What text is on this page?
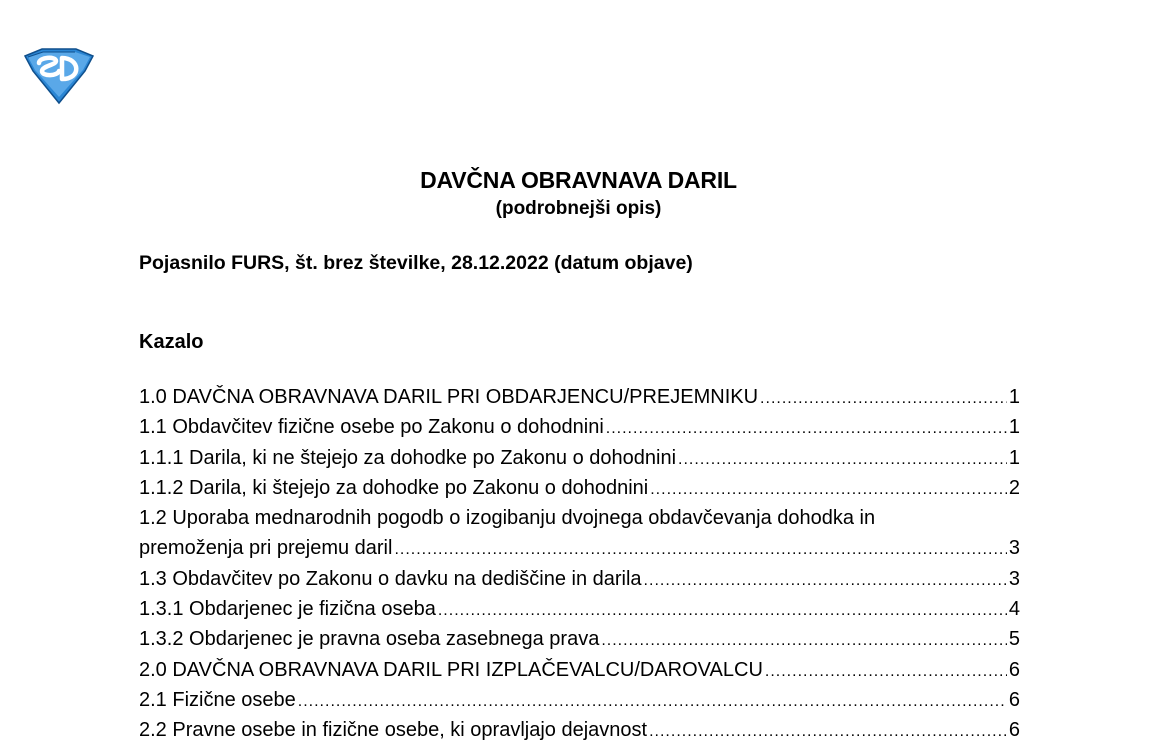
DAVČNA OBRAVNAVA DARIL
(podrobnejši opis)
Pojasnilo FURS, št. brez številke, 28.12.2022 (datum objave)
Kazalo
1.0 DAVČNA OBRAVNAVA DARIL PRI OBDARJENCU/PREJEMNIKU .....	1
1.1 Obdavčitev fizične osebe po Zakonu o dohodnini .....	1
1.1.1 Darila, ki ne štejejo za dohodke po Zakonu o dohodnini .....	1
1.1.2 Darila, ki štejejo za dohodke po Zakonu o dohodnini .....	2
1.2 Uporaba mednarodnih pogodb o izogibanju dvojnega obdavčevanja dohodka in
premoženja pri prejemu daril .....	3
1.3 Obdavčitev po Zakonu o davku na dediščine in darila .....	3
1.3.1 Obdarjenec je fizična oseba .....	4
1.3.2 Obdarjenec je pravna oseba zasebnega prava .....	5
2.0 DAVČNA OBRAVNAVA DARIL PRI IZPLAČEVALCU/DAROVALCU .....	6
2.1 Fizične osebe .....	6
2.2 Pravne osebe in fizične osebe, ki opravljajo dejavnost .....	6
